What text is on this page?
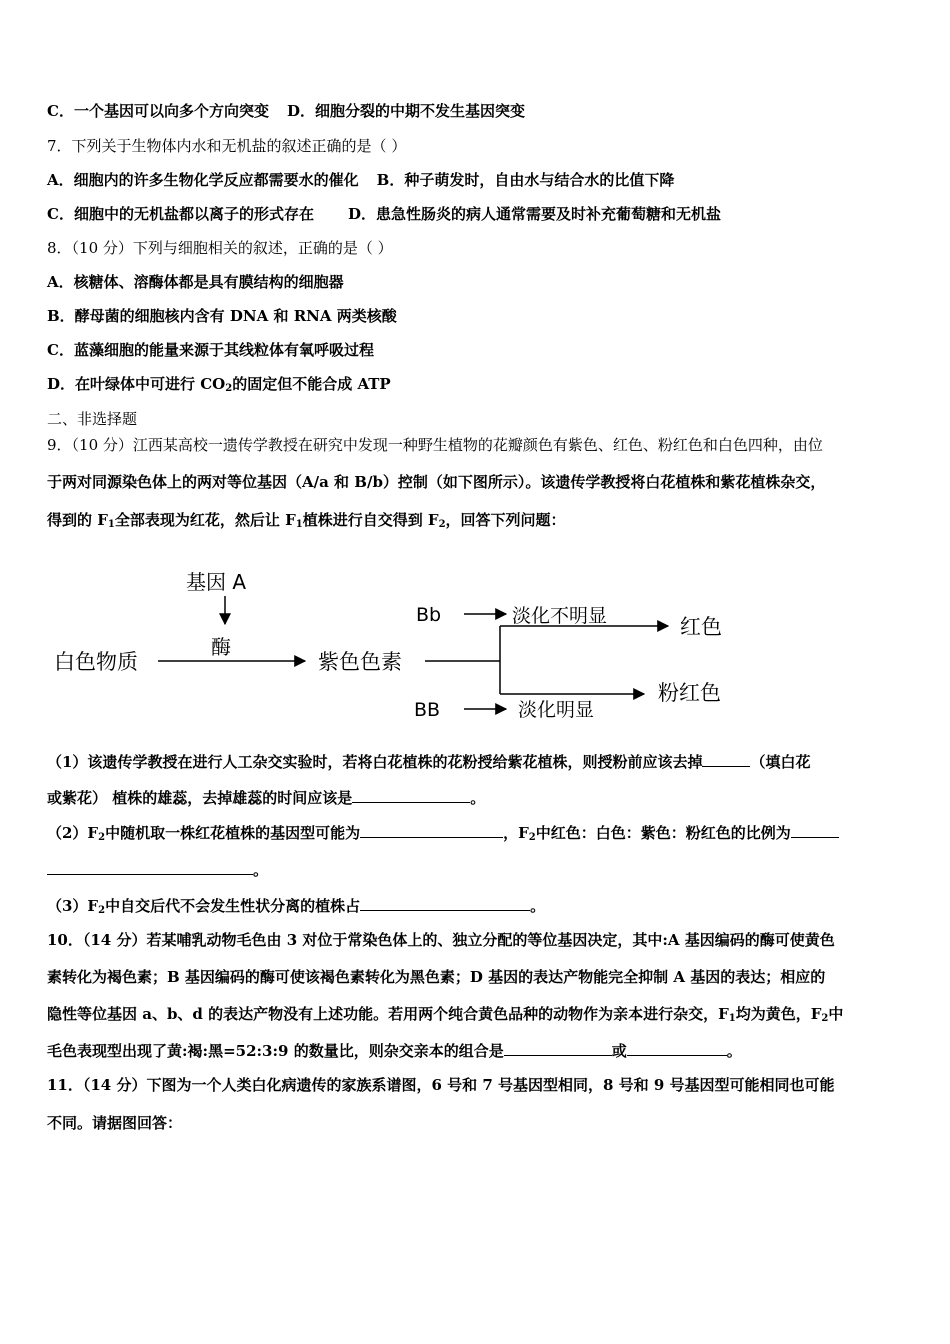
C．一个基因可以向多个方向突变 D．细胞分裂的中期不发生基因突变
7．下列关于生物体内水和无机盐的叙述正确的是（ ）
A．细胞内的许多生物化学反应都需要水的催化 B．种子萌发时，自由水与结合水的比值下降
C．细胞中的无机盐都以离子的形式存在 D．患急性肠炎的病人通常需要及时补充葡萄糖和无机盐
8．（10 分）下列与细胞相关的叙述，正确的是（ ）
A．核糖体、溶酶体都是具有膜结构的细胞器
B．酵母菌的细胞核内含有 DNA 和 RNA 两类核酸
C．蓝藻细胞的能量来源于其线粒体有氧呼吸过程
D．在叶绿体中可进行 $CO_2$的固定但不能合成 ATP
二、非选择题
9．（10 分）江西某高校一遗传学教授在研究中发现一种野生植物的花瓣颜色有紫色、红色、粉红色和白色四种，由位
于两对同源染色体上的两对等位基因（A/a 和 B/b）控制（如下图所示）。该遗传学教授将白花植株和紫花植株杂交，
得到的 $F_1$全部表现为红花，然后让 $F_1$植株进行自交得到 $F_2$，回答下列问题：
基因 A
酶
白色物质	紫色色素
Bb	淡化不明显	红色
BB	淡化明显
粉红色
（1）该遗传学教授在进行人工杂交实验时，若将白花植株的花粉授给紫花植株，则授粉前应该去掉	（填白花
或紫花） 植株的雄蕊，去掉雄蕊的时间应该是	。
$(2)F_2$中随机取一株红花植株的基因型可能为	，$F_2$中红色：白色：紫色：粉红色的比例为
。
$(3)F_2$中自交后代不会发生性状分离的植株占	。
10．（14 分）若某哺乳动物毛色由 3 对位于常染色体上的、独立分配的等位基因决定，其中:A 基因编码的酶可使黄色
素转化为褐色素；B 基因编码的酶可使该褐色素转化为黑色素；D 基因的表达产物能完全抑制 A 基因的表达；相应的
隐性等位基因 a、b、d 的表达产物没有上述功能。若用两个纯合黄色品种的动物作为亲本进行杂交，$F_1$均为黄色，$F_2$中
毛色表现型出现了黄:褐:黑=52:3:9 的数量比，则杂交亲本的组合是	或	。
11．（14 分）下图为一个人类白化病遗传的家族系谱图，6 号和 7 号基因型相同，8 号和 9 号基因型可能相同也可能
不同。请据图回答：
